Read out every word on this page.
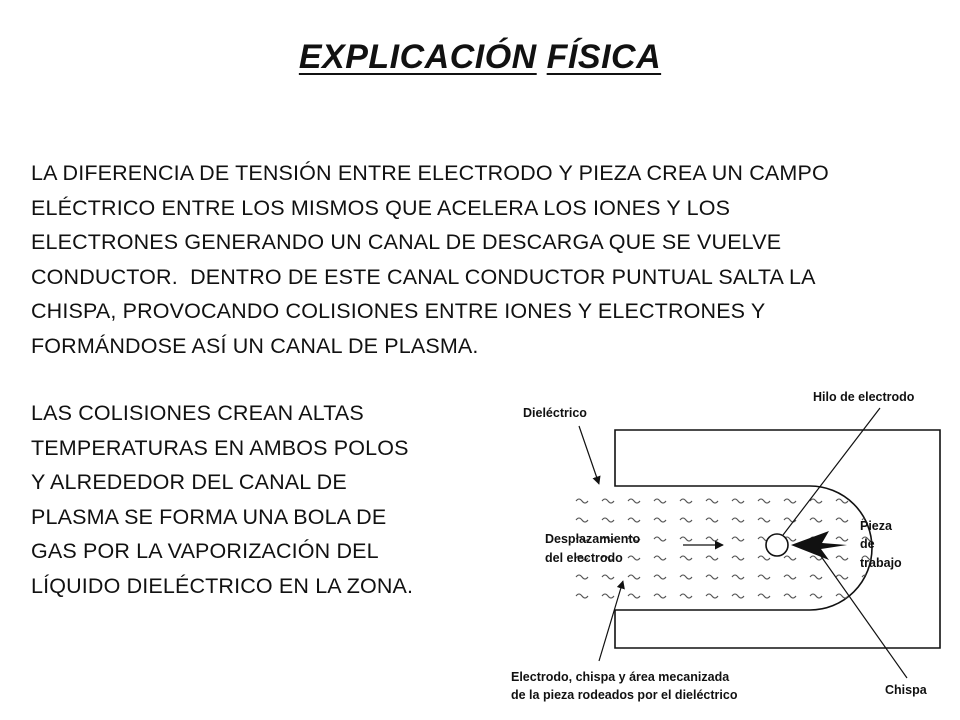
EXPLICACIÓN FÍSICA
LA DIFERENCIA DE TENSIÓN ENTRE ELECTRODO Y PIEZA CREA UN CAMPO
ELÉCTRICO ENTRE LOS MISMOS QUE ACELERA LOS IONES Y LOS
ELECTRONES GENERANDO UN CANAL DE DESCARGA QUE SE VUELVE
CONDUCTOR.  DENTRO DE ESTE CANAL CONDUCTOR PUNTUAL SALTA LA
CHISPA, PROVOCANDO COLISIONES ENTRE IONES Y ELECTRONES Y
FORMÁNDOSE ASÍ UN CANAL DE PLASMA.
LAS COLISIONES CREAN ALTAS
TEMPERATURAS EN AMBOS POLOS
Y ALREDEDOR DEL CANAL DE
PLASMA SE FORMA UNA BOLA DE
GAS POR LA VAPORIZACIÓN DEL
LÍQUIDO DIELÉCTRICO EN LA ZONA.
Dieléctrico
Hilo de electrodo
Desplazamiento
del electrodo
Pieza
de
trabajo
Electrodo, chispa y área mecanizada
de la pieza rodeados por el dieléctrico	Chispa
